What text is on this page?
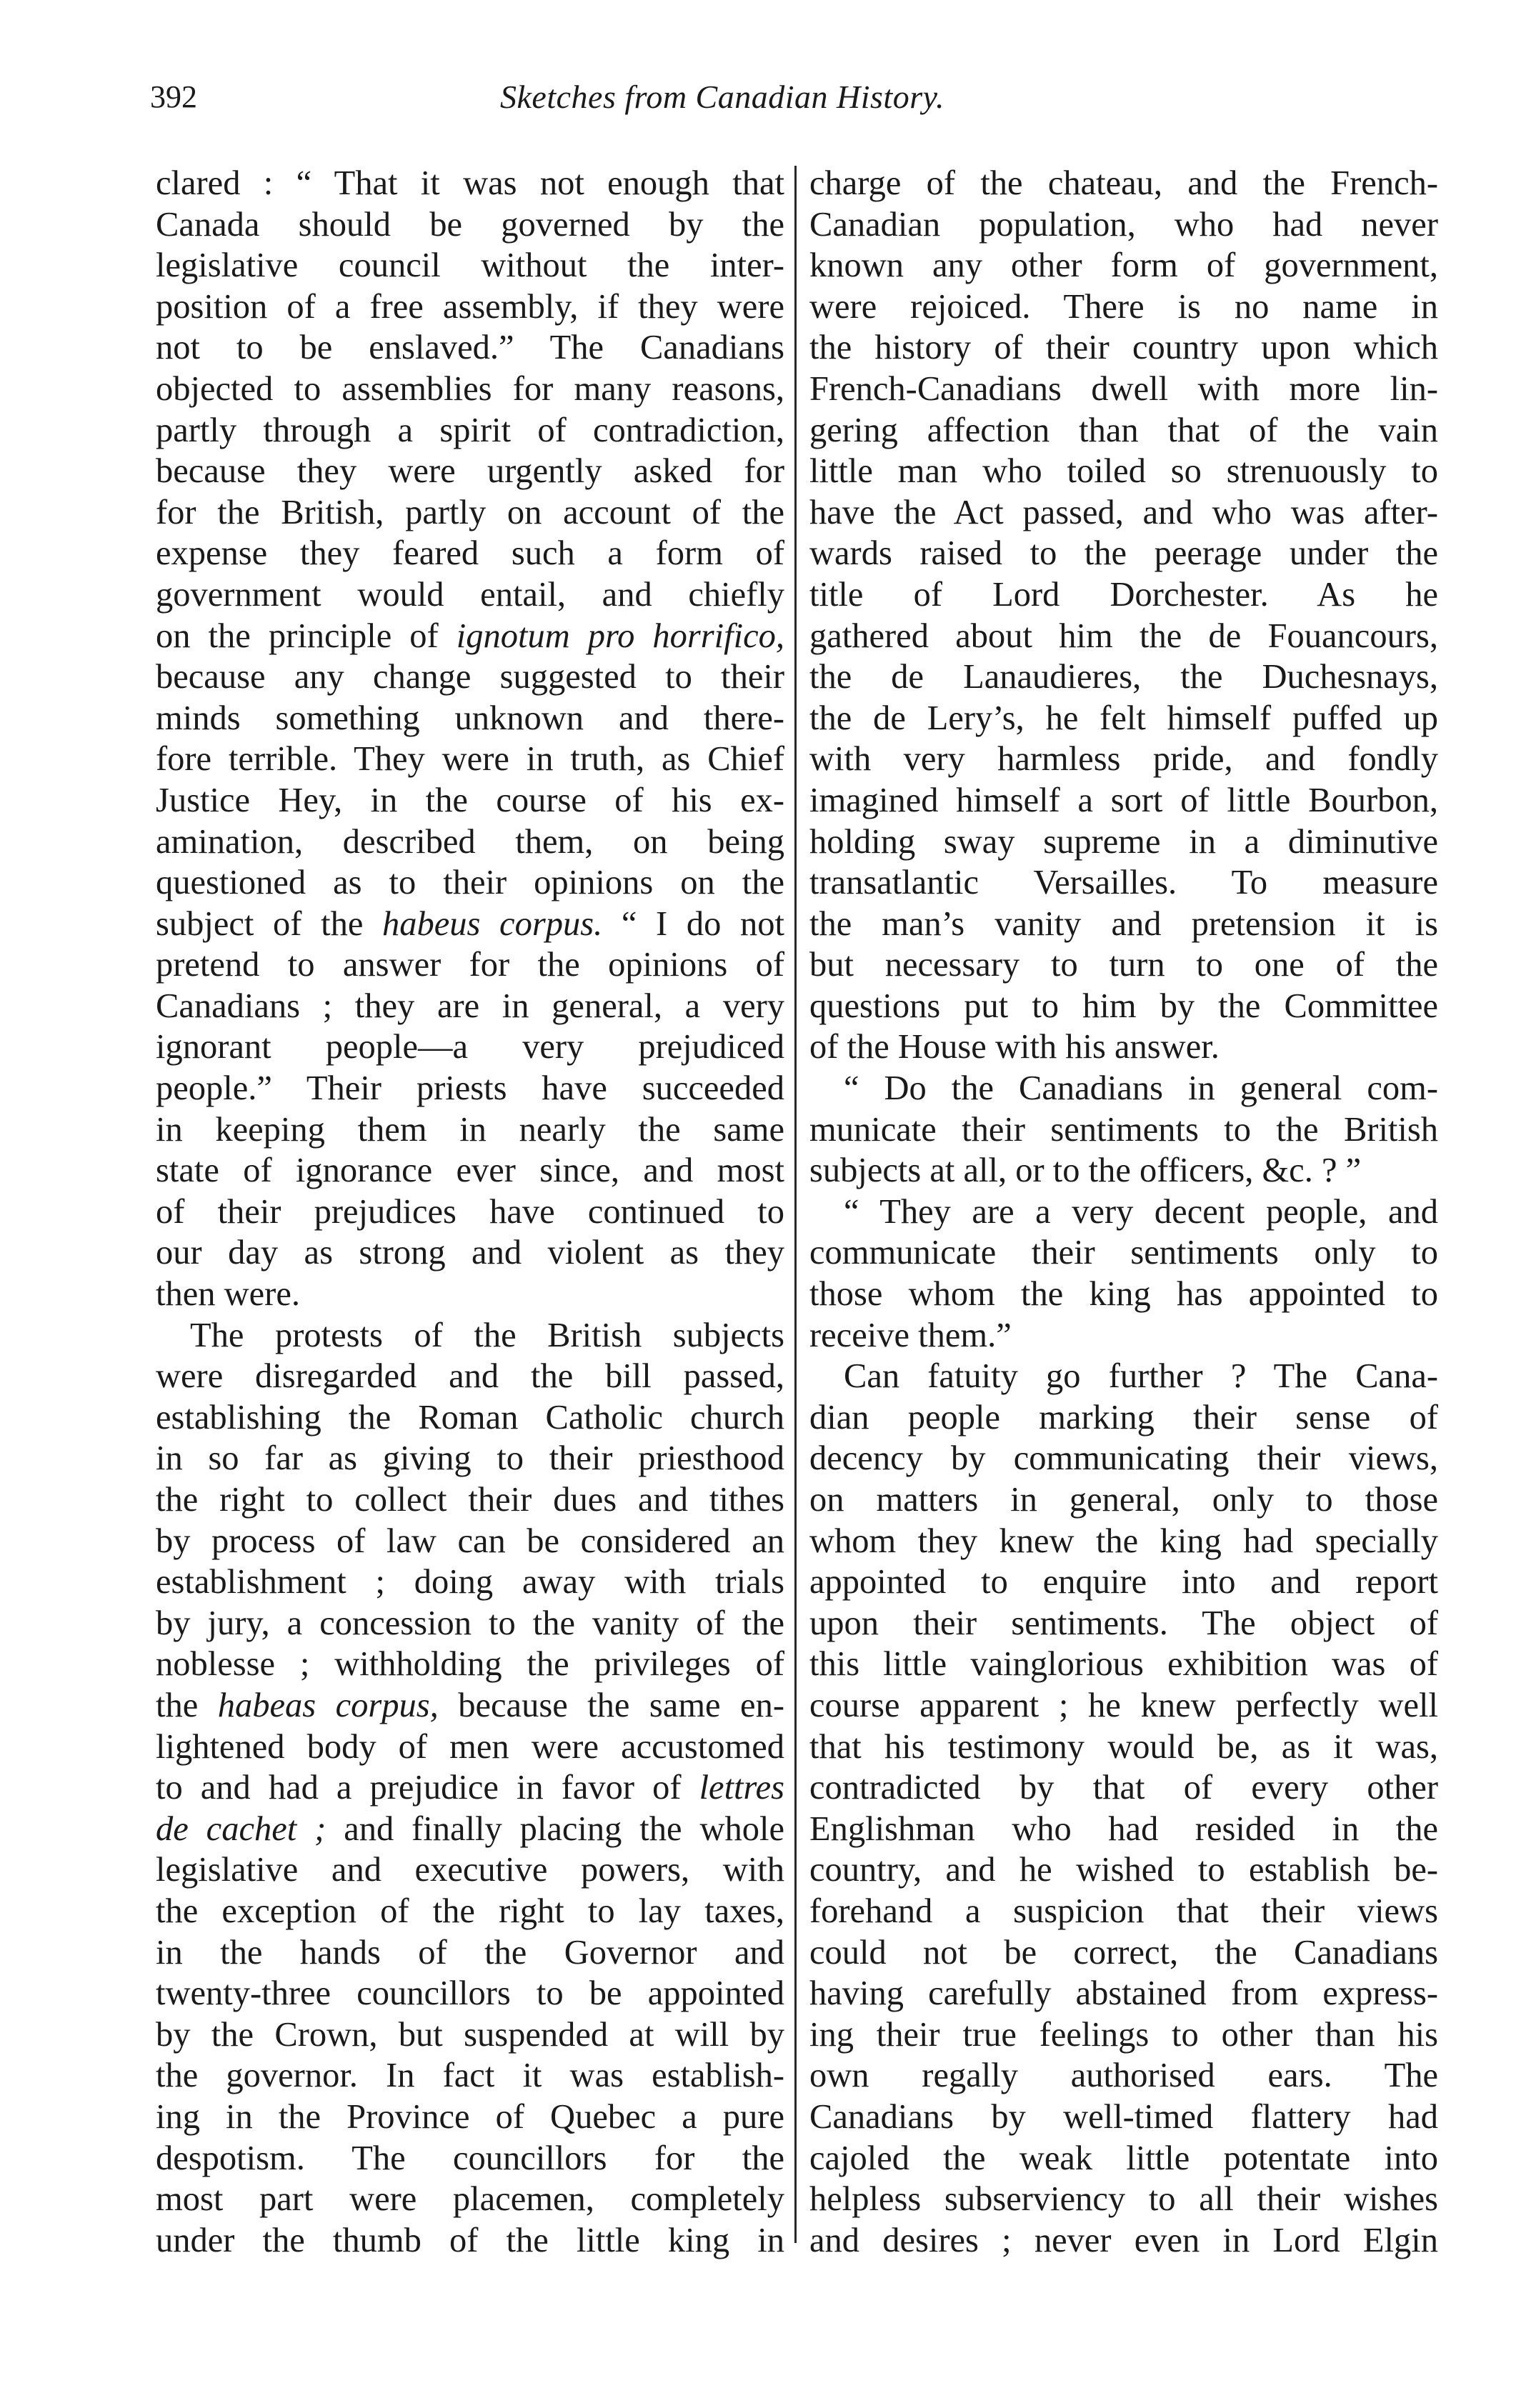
392	Sketches from Canadian History.
clared : “ That it was not enough that
Canada should be governed by the
legislative council without the inter-
position of a free assembly, if they were
not to be enslaved.” The Canadians
objected to assemblies for many reasons,
partly through a spirit of contradiction,
because they were urgently asked for
for the British, partly on account of the
expense they feared such a form of
government would entail, and chiefly
on the principle of ignotum pro horrifico,
because any change suggested to their
minds something unknown and there-
fore terrible. They were in truth, as Chief
Justice Hey, in the course of his ex-
amination, described them, on being
questioned as to their opinions on the
subject of the habeus corpus. “ I do not
pretend to answer for the opinions of
Canadians ; they are in general, a very
ignorant people—a very prejudiced
people.” Their priests have succeeded
in keeping them in nearly the same
state of ignorance ever since, and most
of their prejudices have continued to
our day as strong and violent as they
then were.
The protests of the British subjects
were disregarded and the bill passed,
establishing the Roman Catholic church
in so far as giving to their priesthood
the right to collect their dues and tithes
by process of law can be considered an
establishment ; doing away with trials
by jury, a concession to the vanity of the
noblesse ; withholding the privileges of
the habeas corpus, because the same en-
lightened body of men were accustomed
to and had a prejudice in favor of lettres
de cachet ; and finally placing the whole
legislative and executive powers, with
the exception of the right to lay taxes,
in the hands of the Governor and
twenty-three councillors to be appointed
by the Crown, but suspended at will by
the governor. In fact it was establish-
ing in the Province of Quebec a pure
despotism. The councillors for the
most part were placemen, completely
under the thumb of the little king in
charge of the chateau, and the French-
Canadian population, who had never
known any other form of government,
were rejoiced. There is no name in
the history of their country upon which
French-Canadians dwell with more lin-
gering affection than that of the vain
little man who toiled so strenuously to
have the Act passed, and who was after-
wards raised to the peerage under the
title of Lord Dorchester. As he
gathered about him the de Fouancours,
the de Lanaudieres, the Duchesnays,
the de Lery’s, he felt himself puffed up
with very harmless pride, and fondly
imagined himself a sort of little Bourbon,
holding sway supreme in a diminutive
transatlantic Versailles. To measure
the man’s vanity and pretension it is
but necessary to turn to one of the
questions put to him by the Committee
of the House with his answer.
“ Do the Canadians in general com-
municate their sentiments to the British
subjects at all, or to the officers, &c. ? ”
“ They are a very decent people, and
communicate their sentiments only to
those whom the king has appointed to
receive them.”
Can fatuity go further ? The Cana-
dian people marking their sense of
decency by communicating their views,
on matters in general, only to those
whom they knew the king had specially
appointed to enquire into and report
upon their sentiments. The object of
this little vainglorious exhibition was of
course apparent ; he knew perfectly well
that his testimony would be, as it was,
contradicted by that of every other
Englishman who had resided in the
country, and he wished to establish be-
forehand a suspicion that their views
could not be correct, the Canadians
having carefully abstained from express-
ing their true feelings to other than his
own regally authorised ears. The
Canadians by well-timed flattery had
cajoled the weak little potentate into
helpless subserviency to all their wishes
and desires ; never even in Lord Elgin
